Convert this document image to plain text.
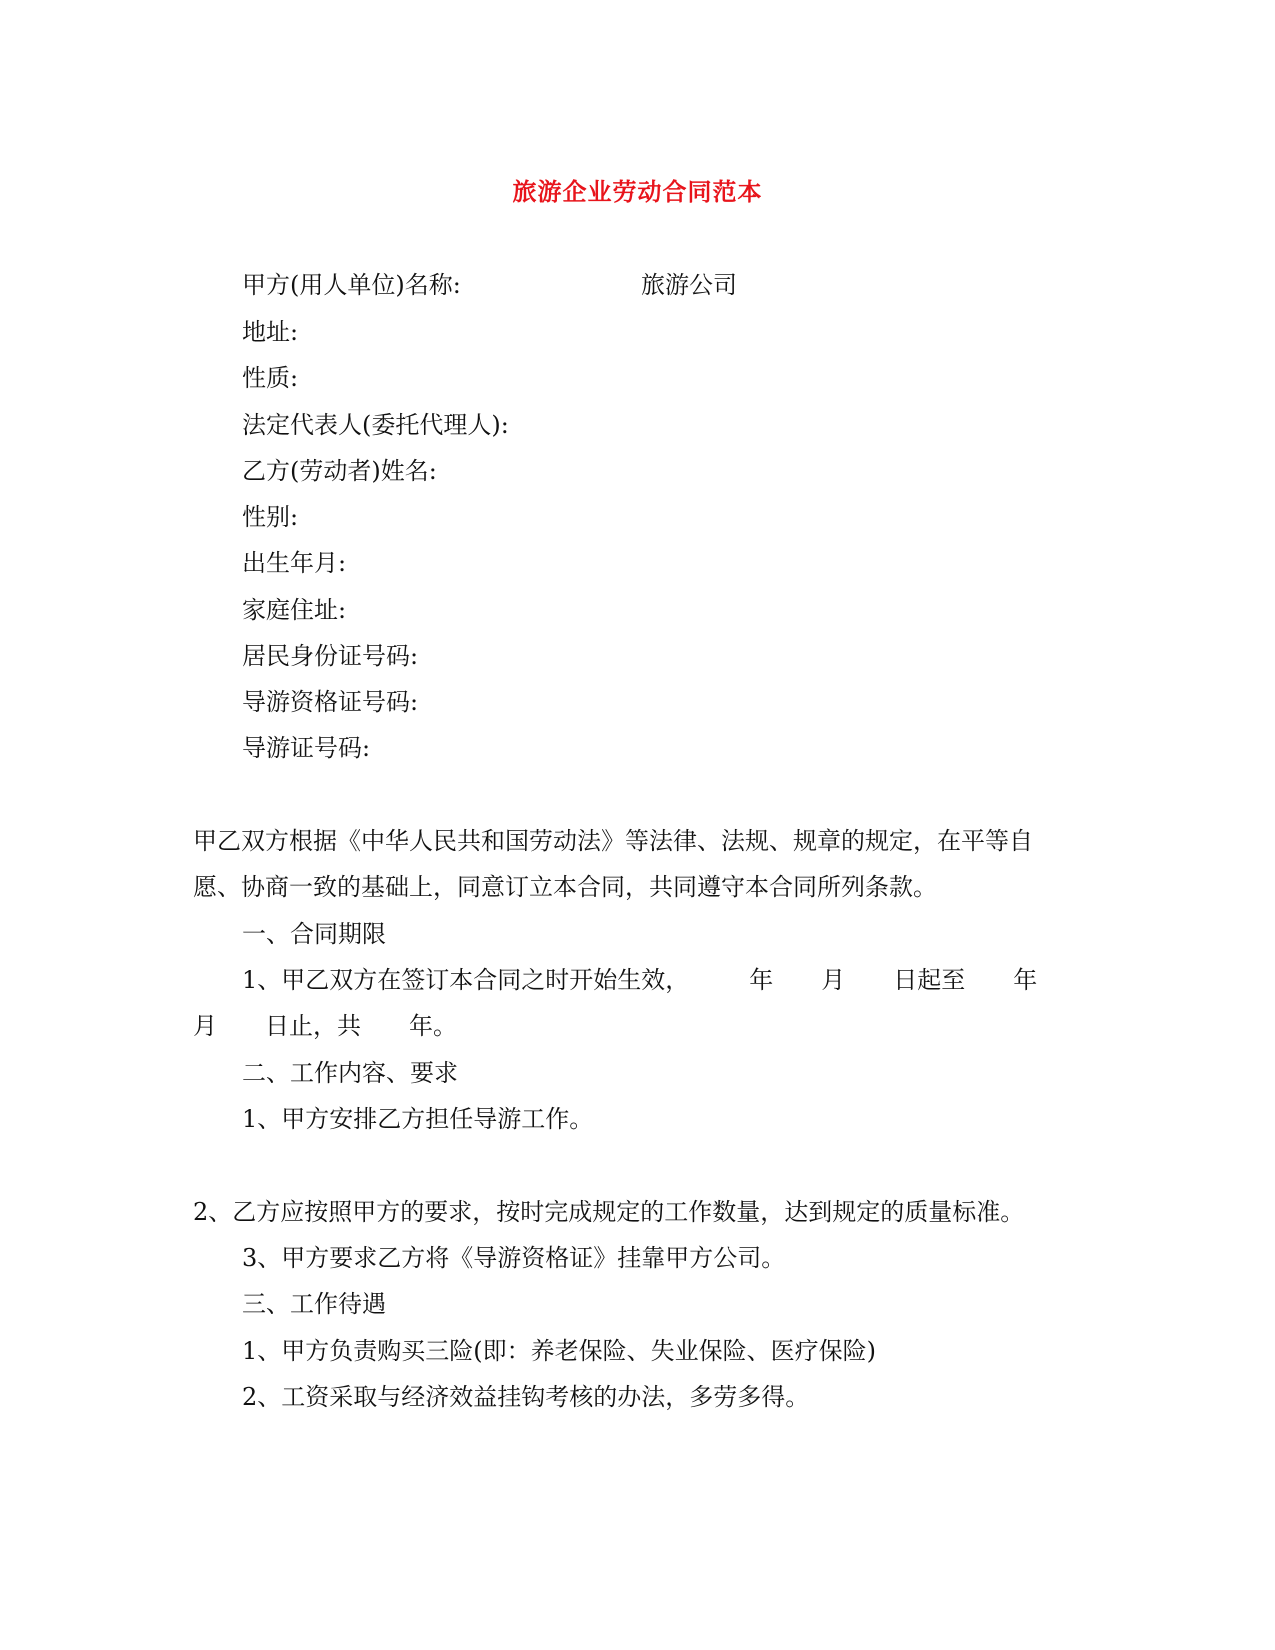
旅游企业劳动合同范本
甲方(用人单位)名称:	旅游公司
地址:
性质:
法定代表人(委托代理人):
乙方(劳动者)姓名:
性别:
出生年月:
家庭住址:
居民身份证号码:
导游资格证号码:
导游证号码:
甲乙双方根据《中华人民共和国劳动法》等法律、法规、规章的规定，在平等自
愿、协商一致的基础上，同意订立本合同，共同遵守本合同所列条款。
一、合同期限
1、甲乙双方在签订本合同之时开始生效，	年 月 日起至 年
月 日止，共 年。
二、工作内容、要求
1、甲方安排乙方担任导游工作。
2、乙方应按照甲方的要求，按时完成规定的工作数量，达到规定的质量标准。
3、甲方要求乙方将《导游资格证》挂靠甲方公司。
三、工作待遇
1、甲方负责购买三险(即：养老保险、失业保险、医疗保险)
2、工资采取与经济效益挂钩考核的办法，多劳多得。
